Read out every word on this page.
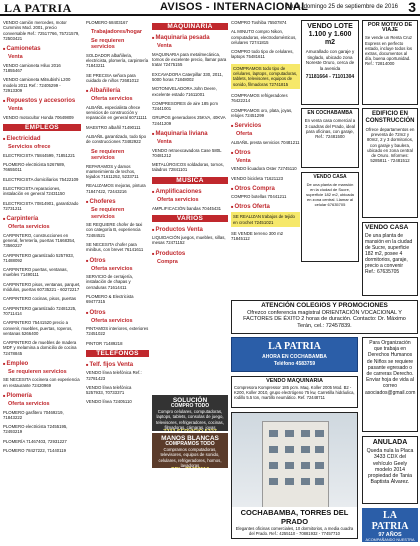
LA PATRIA	AVISOS - INTERNACIONAL
Oruro, domingo 25 de septiembre de 2016 3
VENDO camión mercedes, motor Cummins Mod. 2001, precio conversable Ref.: 72517766, 75721579, 72503421
■ Camionetas
Venta
VENDO camioneta Hilux 2016 71855467
VENDO camioneta Mitsubishi L200 modelo 2011 Ref.: 72405299 - 72913309
■ Repuestos y accesorios
Venta
VENDO motocultor Honda 70649809
EMPLEOS
■ Electricidad
Servicios ofrece
ELECTRICISTA 75844599, 71851221
PLOMERO electricista 5267689, 76655011
ELECTRICISTA domiciliarios 75422109
ELECTRICISTA reparaciones, instalación en general 72431150
ELECTRICISTA 70814901, garantizado 72731211
■ Carpintería
Oferta servicios
CARPINTERO, construcciones en general, ferretería, puertas 71668354, 73560227
CARPINTERO garantizado 5257933, 71488092
CARPINTERO puertas, ventanas, muebles 71490111
CARPINTERO pisos, ventanas, parquet, módulos, puertas 60735221 - 60272217
CARPINTERO cocinas, pisos, puertas
CARPINTERO garantizado 72481225, 70711414
CARPINTERO 75441520 precio a convenir, muebles, puertas, roperos, ventanas 5266400
CARPINTERO de muebles de madera MDF y melamina a domicilio de cocina 72478845
■ Empleo
Se requieren servicios
SE NECESITA cocinera con experiencia en restaurante 72420969
■ Plomería
Oferta servicios
PLOMERO gasfitero 70469219, 71843222
PLOMERO electricista 72455195, 72493219
PLOMERÍA 71467403, 72931227
PLOMERO 78427222, 71440119
PLOMERO 68403167
Trabajadores/hogar
Se requieren servicios
SOLDADOR albañileria, electricista, plomería, carpintería 71843211
SE PRECISA señora para cuidado de niños 72681012
■ Albañilería
Oferta servicios
ALBAÑIL especialista ofrece servicios de construcción y reparación en general 60711111
MAESTRO albañil 71490111
ALBAÑIL garantizado, todo tipo de construcciones 73482922
Se requieren servicios
REPARAMOS y damos mantenimiento de techos, tejados 71611252, 5233711
REALIZAMOS mejoras, pintura 71847422, 72443216
■ Choferes
Se requieren servicios
SE REQUIERE chofer de taxi con categoría B, experiencia 72484521
SE NECESITA chofer para minibus, con brevet 76141611
■ Otros
Oferta servicios
SERVICIO de cerrajería, instalación de chapas y cerraduras 71614411
PLOMERO & Electricista 69477315
■ Otros
Oferta servicios
PINTAMOS interiores, exteriores 72451022
PINTOR 71489218
TELÉFONOS
■ Telf. fijos Venta
VENDO línea telefónica Ref.: 72781423
VENDO línea telefónica 5257933, 70733371
VENDO línea 72405110
MAQUINARIA
■ Maquinaria pesada
Venta
MAQUINARIA para metalmecánica, tornos de excelente precio, llamar para tratar 72475155
EXCAVADORA Caterpillar 330, 2011, 5000 horas 71848002
MOTONIVELADORA John Deere, excelente estado 71611001
COMPRESORES de aire 185 pcm 72441001
GRUPOS generadores 25KVA, 40KVA 72441209
■ Maquinaria liviana
Venta
VENDO retroexcavadora Case 580L 70481212
METALÚRGICOS soldadoras, tornos, taladros 72841101
MÚSICA
■ Amplificaciones
Oferta servicios
AMPLIFICACIÓN bandas 70445431
VARIOS
■ Productos Venta
LIQUIDACIÓN juegos, muebles, sillas, mesas 72471152
■ Productos
Compra
SOLUCIÓN
COMPRO TODO
Compro celulares, computadoras, laptops, tablets, consolas de juego, televisores, refrigeradores, cocinas, filmadoras, cámaras, joyas
MANOS BLANCAS
COMPRAMOS TODO
Compramos computadoras, televisores, equipos de sonido, celulares, refrigeradores, hornos, lavadoras
COMPRO Toshiba 75507874
AL MINUTO compro Nikon, computadoras, electrodomésticos, celulares 72741815
COMPRO todo tipo de celulares, laptops 75481611
COMPRAMOS todo tipo de celulares, laptops, computadoras, tablets, televisores, equipos de sonido, filmadoras 72741815
COMPRAMOS refrigeradores 76422214
COMPRAMOS oro, plata, joyas, relojes 72451299
■ Servicios
Oferta
ALBAÑIL presta servicios 70481211
■ Otros
Venta
VENDO licuadora Oster 72745110
VENDO bicicleta 71621123
■ Otros Compra
COMPRO botellas 70441211
■ Otros Oferta
SE REALIZAN trabajos de tejido en crochet 72451021
SE VENDE terreno 300 m2 71845112
VENDO LOTE
1.100 y 1.600 m2
Amurallado con garaje y tinglado, ubicado zona Noreste Oruro, cerca de la avenida
71181664 - 71101304
POR MOTIVO DE VIAJE
Se vende un Renta Cruz Express en perfecto estado, incluye todos los extras, documentos al día, buena oportunidad. Ref.: 72814000
EN COCHABAMBA
En venta casa comercial a 3 cuadras del Prado, ideal para oficinas, con garaje, Ref.: 72481500
EDIFICIO EN CONSTRUCCIÓN
Ofrece departamentos en preventa de 72m2 y 80m2, 2 y 3 dormitorios, con garaje y baulera, ubicado en zona central de Oruro. Informes: 5285811 - 72481512
VENDO CASA
De una planta de mansión en la ciudad de Sucre, superficie 182 m2, ubicada en zona central. Llamar al celular 67635705
VENDO CASA
De una planta de mansión en la ciudad de Sucre, superficie 182 m2, posee 4 dormitorios, garaje, precio a convenir Ref.: 67635705
ATENCIÓN COLEGIOS Y PROMOCIONES
Ofrezco conferencia magistral ORIENTACIÓN VOCACIONAL Y FACTORES DE ÉXITO 2 horas de duración. Contacto: Dr. Máximo Terán, cel.: 72457839.
LA PATRIA
AHORA EN COCHABAMBA
Teléfono 4583759
Para Organización que trabaja en Derechos Humanos de Niños se requiere pasante egresado o de carreras Derecho. Enviar hoja de vida al correo asociados@gmail.com
VENDO MAQUINARIA
Compresora Kompressor 185 pcm. Maq. Koller 2005 Mod. B2 - K200, Koller 2010, grupo electrógeno 75 kw, Carretilla hidráulica, rodillo 5.5 ton, martillo neumático. Ref. 72448711
COCHABAMBA, TORRES DEL PRADO
Elegantes oficinas comerciales, 10 dormitorios, a media cuadra del Prado. Ref.: 4255110 - 70881932 - 77457710
ANULADA
Queda nula la Placa 3433 CDX del vehículo Geely modelo 2014 propiedad de Tania Baptista Álvarez.
LA PATRIA
97 AÑOS
ACOMPAÑANDO NUESTRA HISTORIA
